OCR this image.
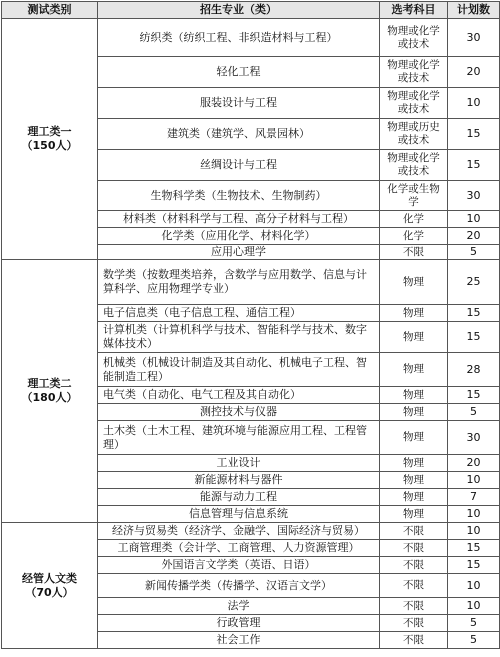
测试类别	招生专业（类）	选考科目	计划数

理工类一
（150人）	纺织类（纺织工程、非织造材料与工程）	物理或化学或技术	30
	轻化工程	物理或化学或技术	20
	服装设计与工程	物理或化学或技术	10
	建筑类（建筑学、风景园林）	物理或历史或技术	15
	丝绸设计与工程	物理或化学或技术	15
	生物科学类（生物技术、生物制药）	化学或生物学	30
	材料类（材料科学与工程、高分子材料与工程）	化学	10
	化学类（应用化学、材料化学）	化学	20
	应用心理学	不限	5

理工类二
（180人）	数学类（按数理类培养，含数学与应用数学、信息与计算科学、应用物理学专业）	物理	25
	电子信息类（电子信息工程、通信工程）	物理	15
	计算机类（计算机科学与技术、智能科学与技术、数字媒体技术）	物理	15
	机械类（机械设计制造及其自动化、机械电子工程、智能制造工程）	物理	28
	电气类（自动化、电气工程及其自动化）	物理	15
	测控技术与仪器	物理	5
	土木类（土木工程、建筑环境与能源应用工程、工程管理）	物理	30
	工业设计	物理	20
	新能源材料与器件	物理	10
	能源与动力工程	物理	7
	信息管理与信息系统	物理	10

经管人文类
（70人）	经济与贸易类（经济学、金融学、国际经济与贸易）	不限	10
	工商管理类（会计学、工商管理、人力资源管理）	不限	15
	外国语言文学类（英语、日语）	不限	15
	新闻传播学类（传播学、汉语言文学）	不限	10
	法学	不限	10
	行政管理	不限	5
	社会工作	不限	5
